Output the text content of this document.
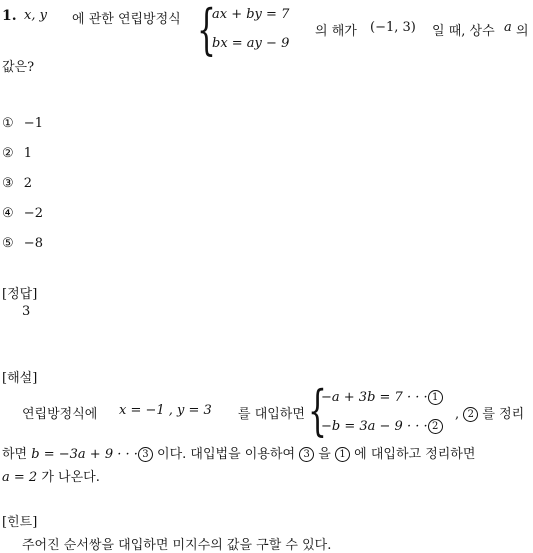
1. x, y 에 관한 연립방정식 {
ax + by = 7
bx = ay − 9
의 해가 (−1, 3) 일 때, 상수 a 의
값은?
① −1
② 1
③ 2
④ −2
⑤ −8
[정답]
3
[해설]
연립방정식에 x = −1 , y = 3 를 대입하면 {
−a + 3b = 7 · · · 1
−b = 3a − 9 · · · 2
, 2 를 정리
하면 b = −3a + 9 · · · 3 이다. 대입법을 이용하여 3 을 1 에 대입하고 정리하면
a = 2 가 나온다.
[힌트]
주어진 순서쌍을 대입하면 미지수의 값을 구할 수 있다.
